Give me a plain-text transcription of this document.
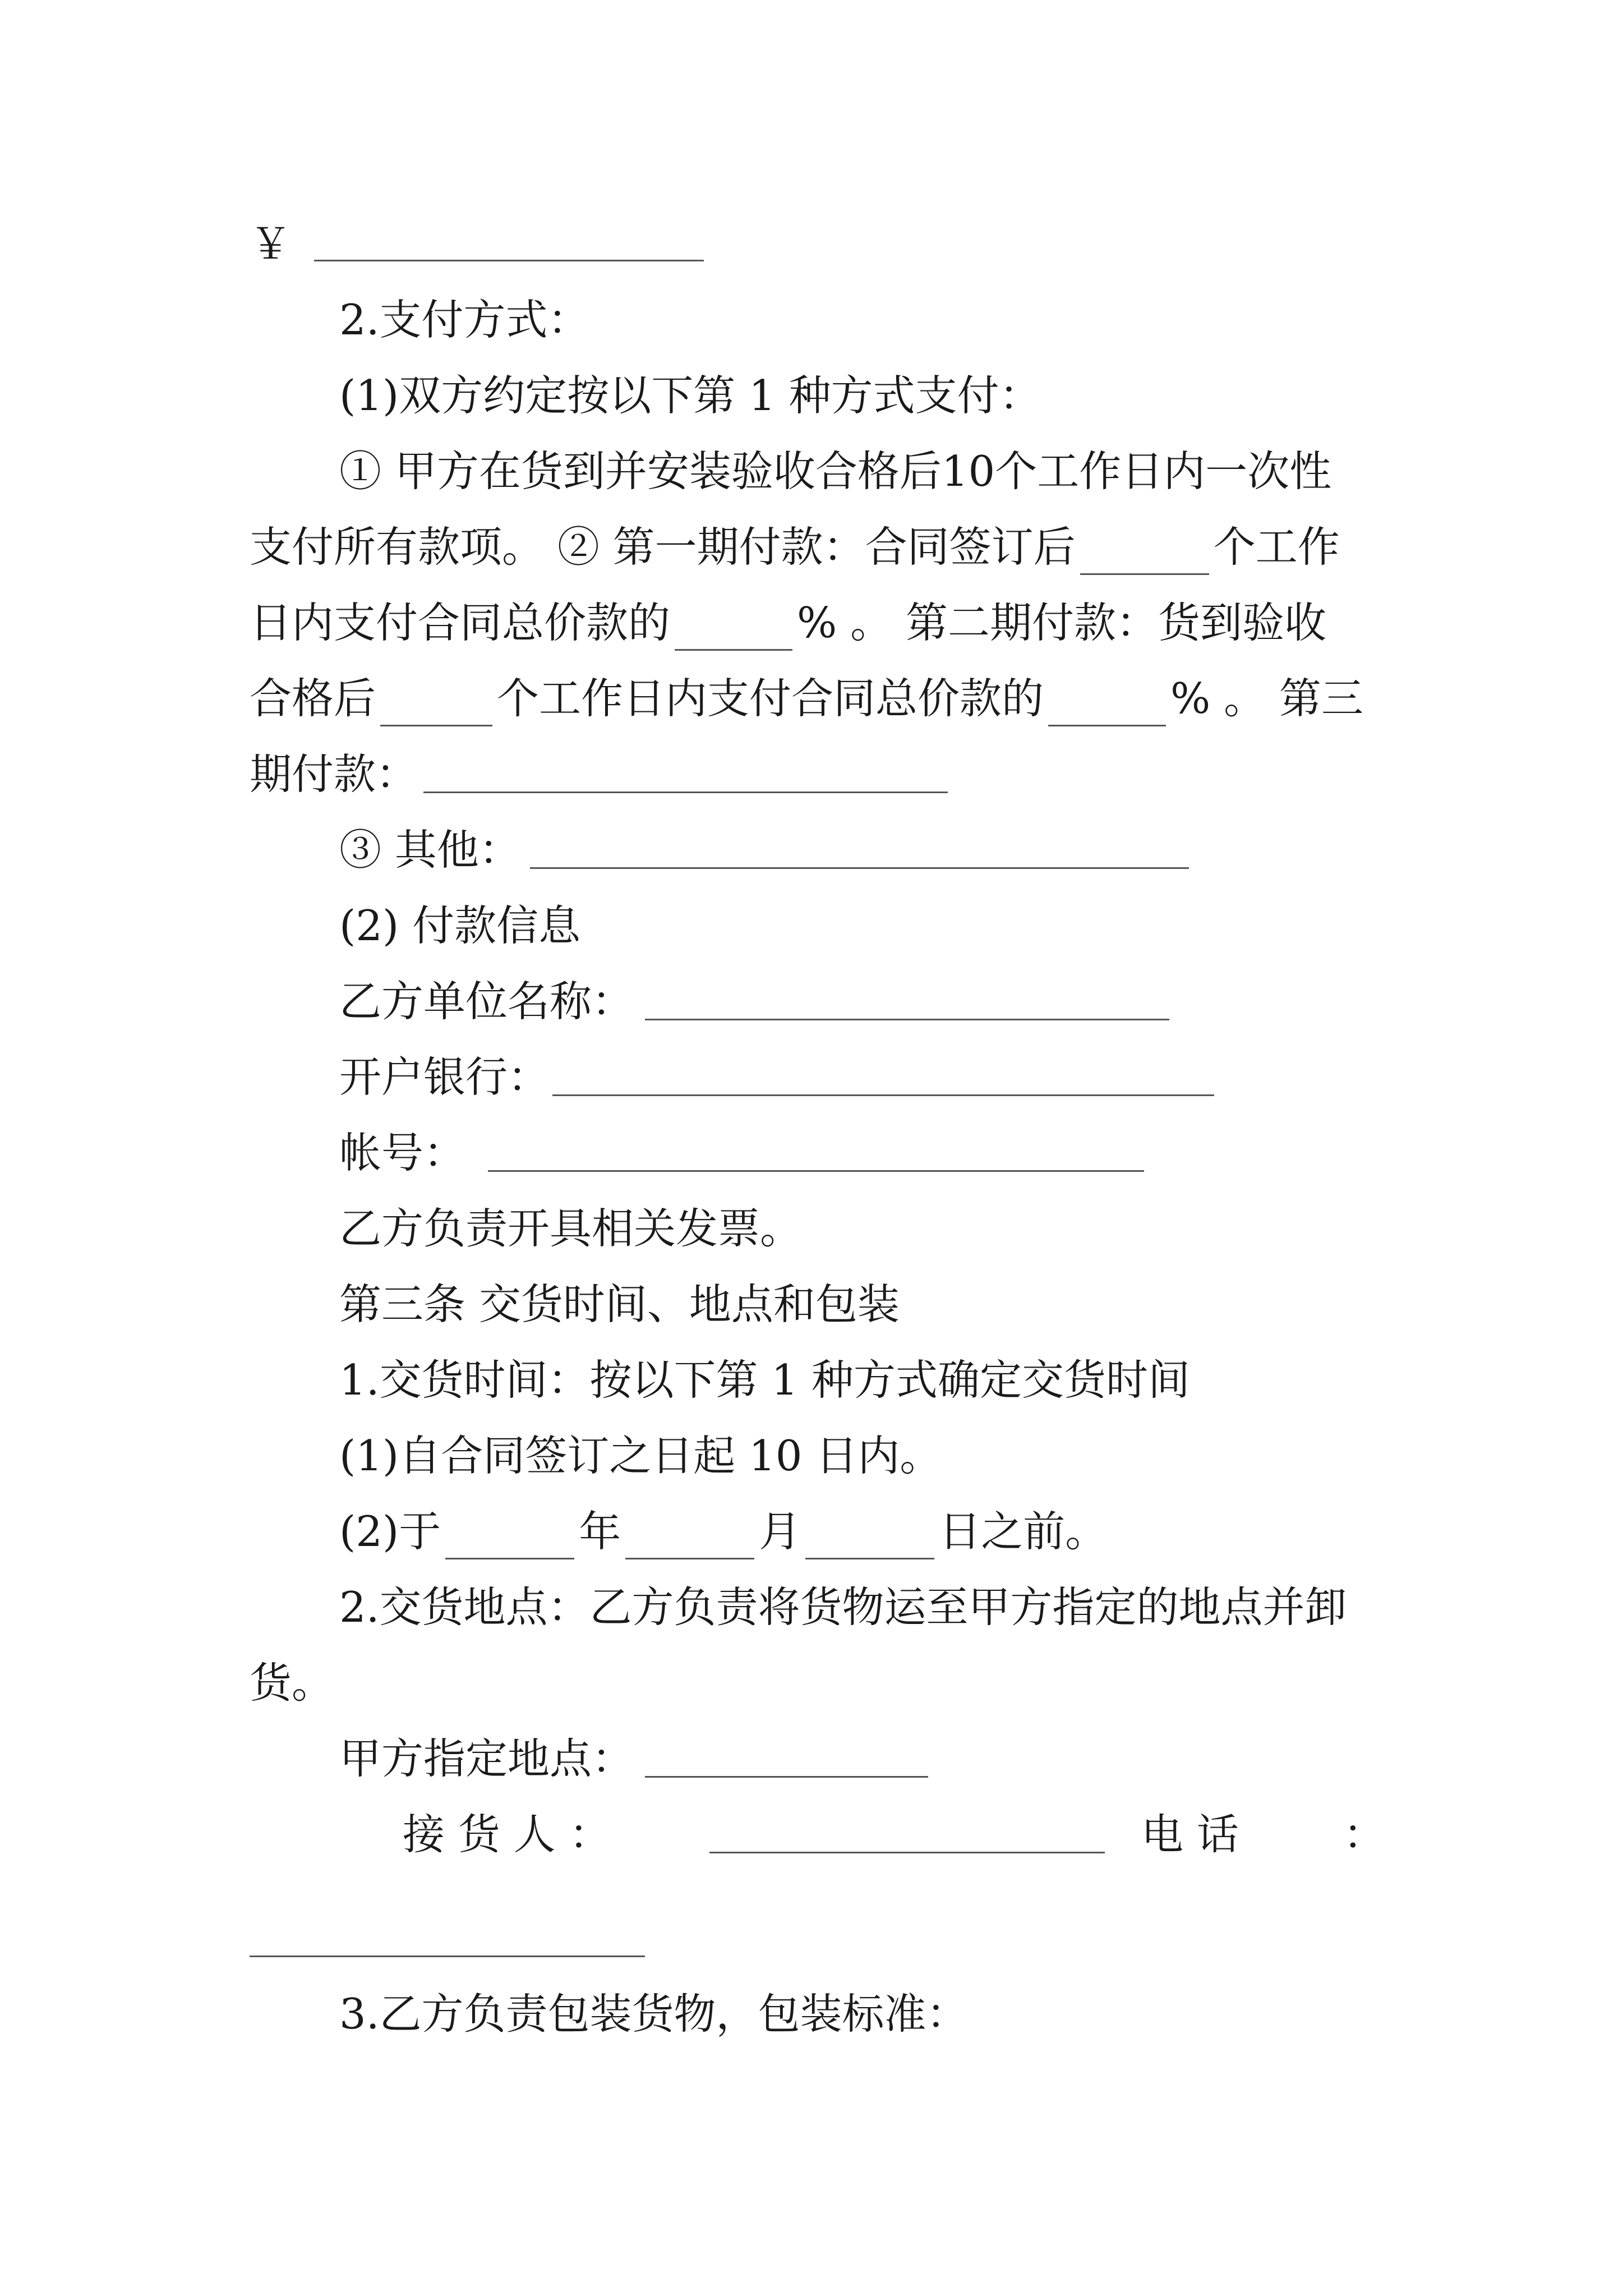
￥
2.支付方式：
(1)双方约定按以下第 1 种方式支付：
① 甲方在货到并安装验收合格后10个工作日内一次性
支付所有款项。 ② 第一期付款：合同签订后	个工作
日内支付合同总价款的	% 。 第二期付款：货到验收
合格后	个工作日内支付合同总价款的	% 。 第三
期付款：
③ 其他：
(2) 付款信息
乙方单位名称：
开户银行：
帐号：
乙方负责开具相关发票。
第三条 交货时间、地点和包装
1.交货时间：按以下第 1 种方式确定交货时间
(1)自合同签订之日起 10 日内。
(2)于	年	月	日之前。
2.交货地点：乙方负责将货物运至甲方指定的地点并卸
货。
甲方指定地点：
接 货 人 ：	电 话	：
3.乙方负责包装货物，包装标准：
